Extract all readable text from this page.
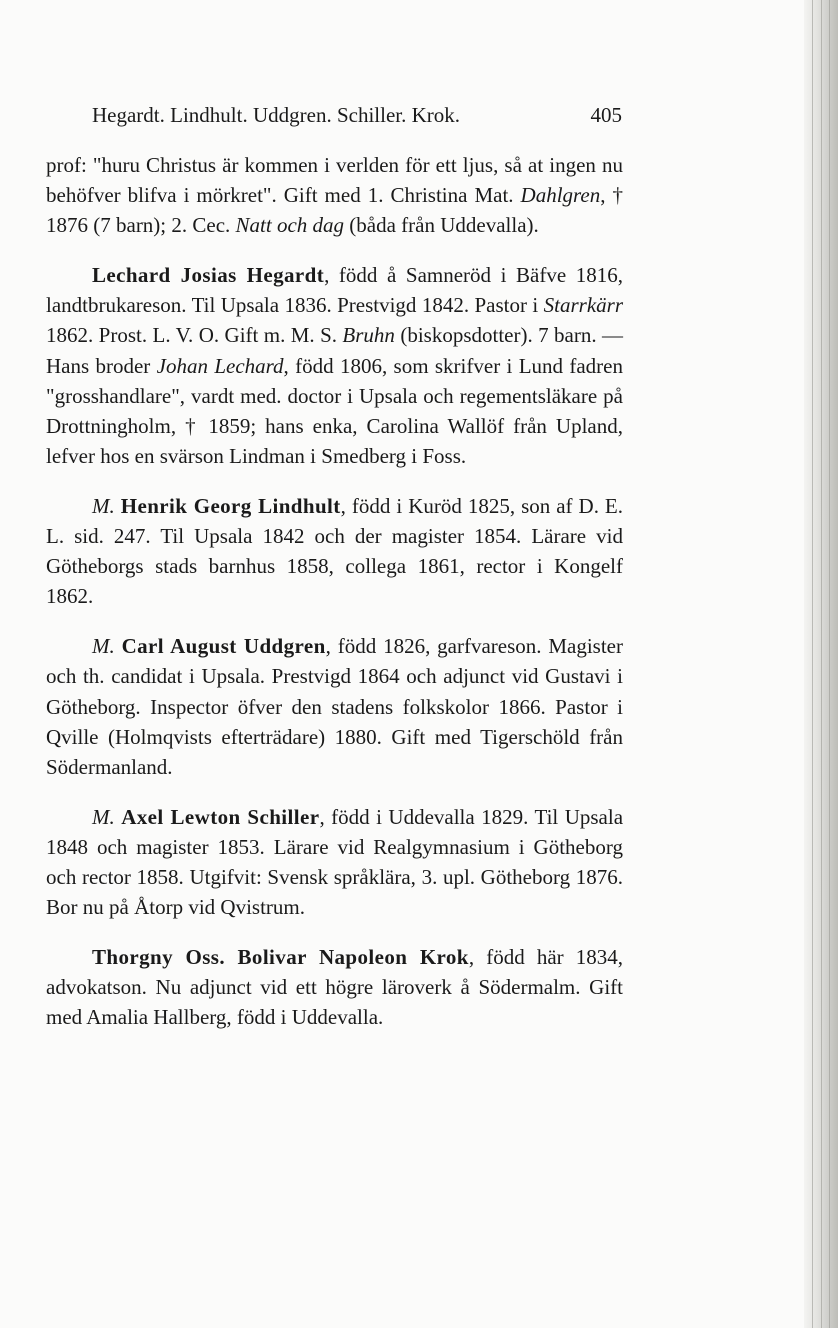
Hegardt. Lindhult. Uddgren. Schiller. Krok.	405

prof: "huru Christus är kommen i verlden för ett ljus, så at ingen nu behöfver blifva i mörkret". Gift med 1. Christina Mat. Dahlgren, † 1876 (7 barn); 2. Cec. Natt och dag (båda från Uddevalla).

Lechard Josias Hegardt, född å Samneröd i Bäfve 1816, landtbrukareson. Til Upsala 1836. Prestvigd 1842. Pastor i Starrkärr 1862. Prost. L. V. O. Gift m. M. S. Bruhn (biskopsdotter). 7 barn. — Hans broder Johan Lechard, född 1806, som skrifver i Lund fadren "grosshandlare", vardt med. doctor i Upsala och regementsläkare på Drottningholm, † 1859; hans enka, Carolina Wallöf från Upland, lefver hos en svärson Lindman i Smedberg i Foss.

M. Henrik Georg Lindhult, född i Kuröd 1825, son af D. E. L. sid. 247. Til Upsala 1842 och der magister 1854. Lärare vid Götheborgs stads barnhus 1858, collega 1861, rector i Kongelf 1862.

M. Carl August Uddgren, född 1826, garfvareson. Magister och th. candidat i Upsala. Prestvigd 1864 och adjunct vid Gustavi i Götheborg. Inspector öfver den stadens folkskolor 1866. Pastor i Qville (Holmqvists efterträdare) 1880. Gift med Tigerschöld från Södermanland.

M. Axel Lewton Schiller, född i Uddevalla 1829. Til Upsala 1848 och magister 1853. Lärare vid Realgymnasium i Götheborg och rector 1858. Utgifvit: Svensk språklära, 3. upl. Götheborg 1876. Bor nu på Åtorp vid Qvistrum.

Thorgny Oss. Bolivar Napoleon Krok, född här 1834, advokatson. Nu adjunct vid ett högre läroverk å Södermalm. Gift med Amalia Hallberg, född i Uddevalla.
